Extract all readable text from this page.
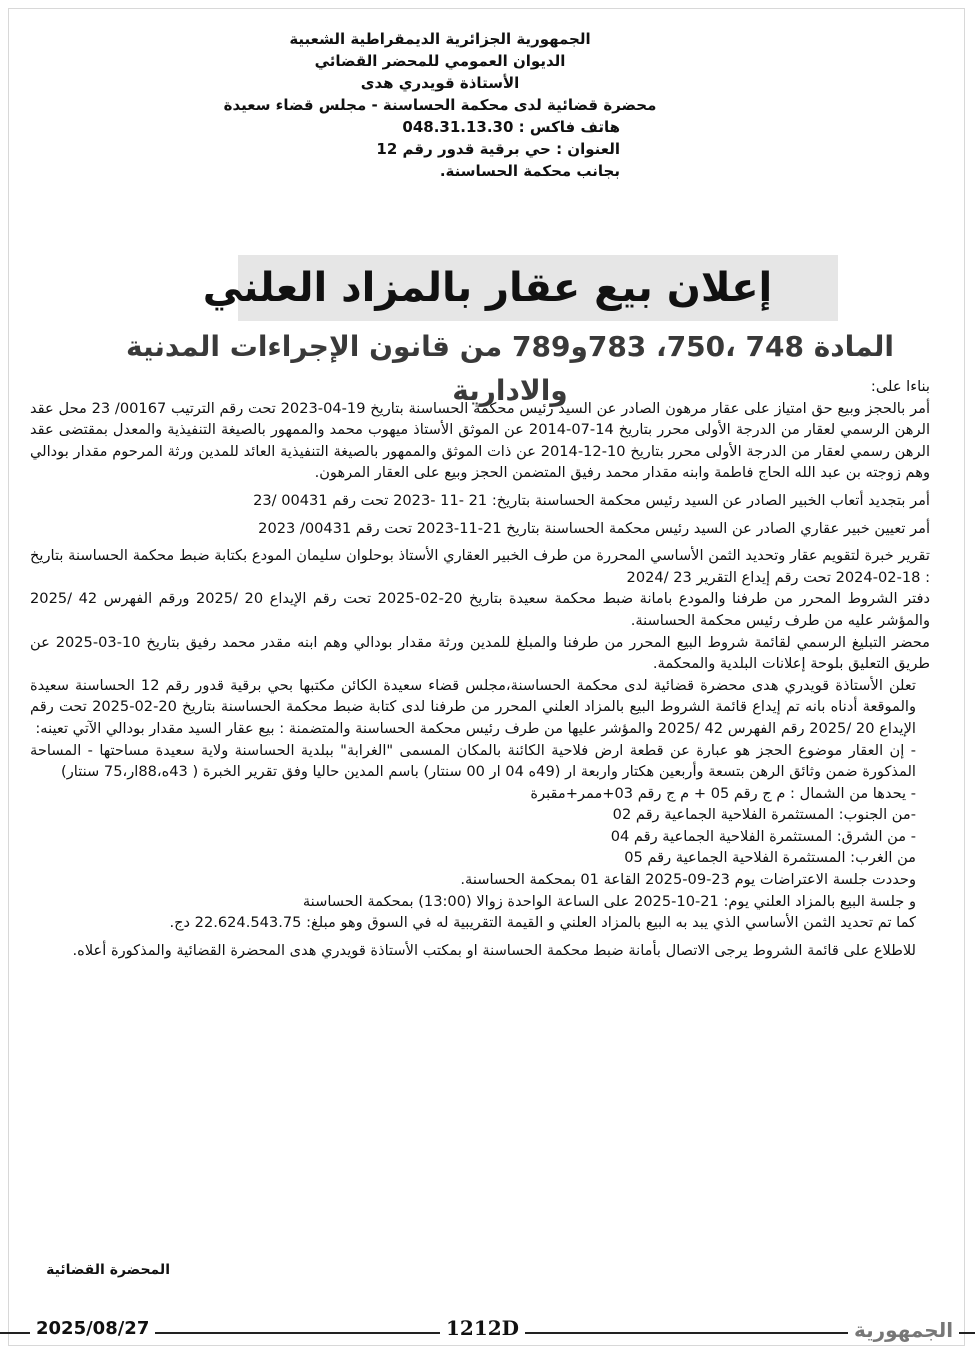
الجمهورية الجزائرية الديمقراطية الشعبية
الديوان العمومي للمحضر القضائي
الأستاذة قويدري هدى
محضرة قضائية لدى محكمة الحساسنة - مجلس قضاء سعيدة
هاتف فاكس : 048.31.13.30
العنوان : حي برقية قدور رقم 12
بجانب محكمة الحساسنة.
إعلان بيع عقار بالمزاد العلني
المادة 748 ،750، 783و789 من قانون الإجراءات المدنية والادارية	بناءا على:

أمر بالحجز وبيع حق امتياز على عقار مرهون الصادر عن السيد رئيس محكمة الحساسنة بتاريخ 19-04-2023 تحت رقم الترتيب 00167/ 23 محل عقد الرهن الرسمي لعقار من الدرجة الأولى محرر بتاريخ 14-07-2014 عن الموثق الأستاذ ميهوب محمد والممهور بالصيغة التنفيذية والمعدل بمقتضى عقد الرهن رسمي لعقار من الدرجة الأولى محرر بتاريخ 10-12-2014 عن ذات الموثق والممهور بالصيغة التنفيذية العائد للمدين ورثة المرحوم مقدار بودالي وهم زوجته بن عبد الله الحاج فاطمة وابنه مقدار محمد رفيق المتضمن الحجز وبيع على العقار المرهون.

أمر بتجديد أتعاب الخبير الصادر عن السيد رئيس محكمة الحساسنة بتاريخ: 21 -11 -2023 تحت رقم 00431 /23

أمر تعيين خبير عقاري الصادر عن السيد رئيس محكمة الحساسنة بتاريخ 21-11-2023 تحت رقم 00431/ 2023

تقرير خبرة لتقويم عقار وتحديد الثمن الأساسي المحررة من طرف الخبير العقاري الأستاذ بوحلوان سليمان المودع بكتابة ضبط محكمة الحساسنة بتاريخ : 18-02-2024 تحت رقم إيداع التقرير 23 /2024

دفتر الشروط المحرر من طرفنا والمودع بامانة ضبط محكمة سعيدة بتاريخ 20-02-2025 تحت رقم الإيداع 20 /2025 ورقم الفهرس 42 /2025 والمؤشر عليه من طرف رئيس محكمة الحساسنة.

محضر التبليغ الرسمي لقائمة شروط البيع المحرر من طرفنا والمبلغ للمدين ورثة مقدار بودالي وهم ابنه مقدر محمد رفيق بتاريخ 10-03-2025 عن طريق التعليق بلوحة إعلانات البلدية والمحكمة.

تعلن الأستاذة قويدري هدى محضرة قضائية لدى محكمة الحساسنة،مجلس قضاء سعيدة الكائن مكتبها بحي برقية قدور رقم 12 الحساسنة سعيدة والموقعة أدناه بانه تم إيداع قائمة الشروط البيع بالمزاد العلني المحرر من طرفنا لدى كتابة ضبط محكمة الحساسنة بتاريخ 20-02-2025 تحت رقم الإيداع 20 /2025 رقم الفهرس 42 /2025 والمؤشر عليها من طرف رئيس محكمة الحساسنة والمتضمنة : بيع عقار السيد مقدار بودالي الآتي تعينه:

- إن العقار موضوع الحجز هو عبارة عن قطعة ارض فلاحية الكائنة بالمكان المسمى "الغرابة" ببلدية الحساسنة ولاية سعيدة مساحتها - المساحة المذكورة ضمن وثائق الرهن بتسعة وأربعين هكتار واربعة ار (49ه 04 ار 00 سنتار) باسم المدين حاليا وفق تقرير الخبرة ( 43ه،88ار،75 سنتار)

- يحدها من الشمال : م ج رقم 05 + م ج رقم 03+ممر+مقبرة

-من الجنوب: المستثمرة الفلاحية الجماعية رقم 02

- من الشرق: المستثمرة الفلاحية الجماعية رقم 04

من الغرب: المستثمرة الفلاحية الجماعية رقم 05

وحددت جلسة الاعتراضات يوم 23-09-2025 القاعة 01 بمحكمة الحساسنة.

و جلسة البيع بالمزاد العلني يوم: 21-10-2025 على الساعة الواحدة زوالا (13:00) بمحكمة الحساسنة

كما تم تحديد الثمن الأساسي الذي يبد به البيع بالمزاد العلني و القيمة التقريبية له في السوق وهو مبلغ: 22.624.543.75 دج.

للاطلاع على قائمة الشروط يرجى الاتصال بأمانة ضبط محكمة الحساسنة او بمكتب الأستاذة قويدري هدى المحضرة القضائية والمذكورة أعلاه.

المحضرة القضائية
2025/08/27	1212D	الجمهورية
